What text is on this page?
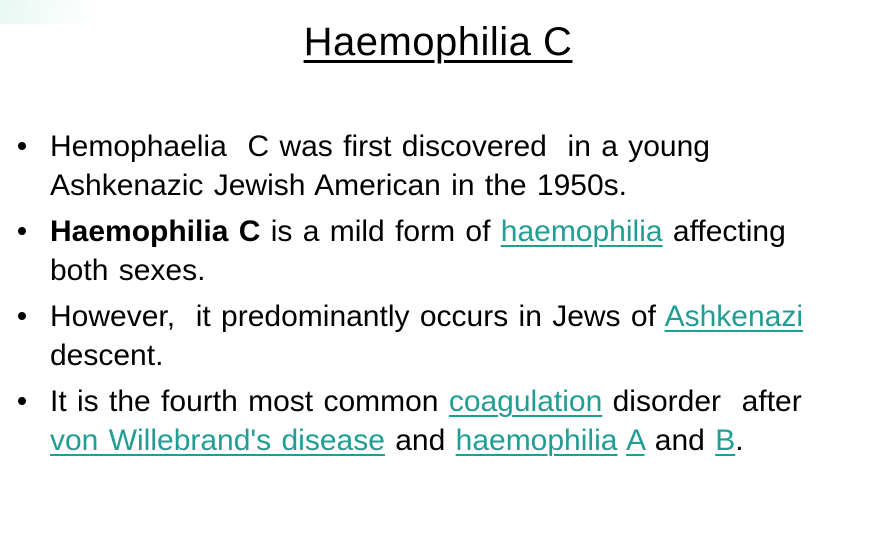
Haemophilia C
Hemophaelia  C was first discovered  in a young
Ashkenazic Jewish American in the 1950s.
Haemophilia C is a mild form of haemophilia affecting
both sexes.
However,  it predominantly occurs in Jews of Ashkenazi
descent.
It is the fourth most common coagulation disorder  after
von Willebrand's disease and haemophilia A and B.
